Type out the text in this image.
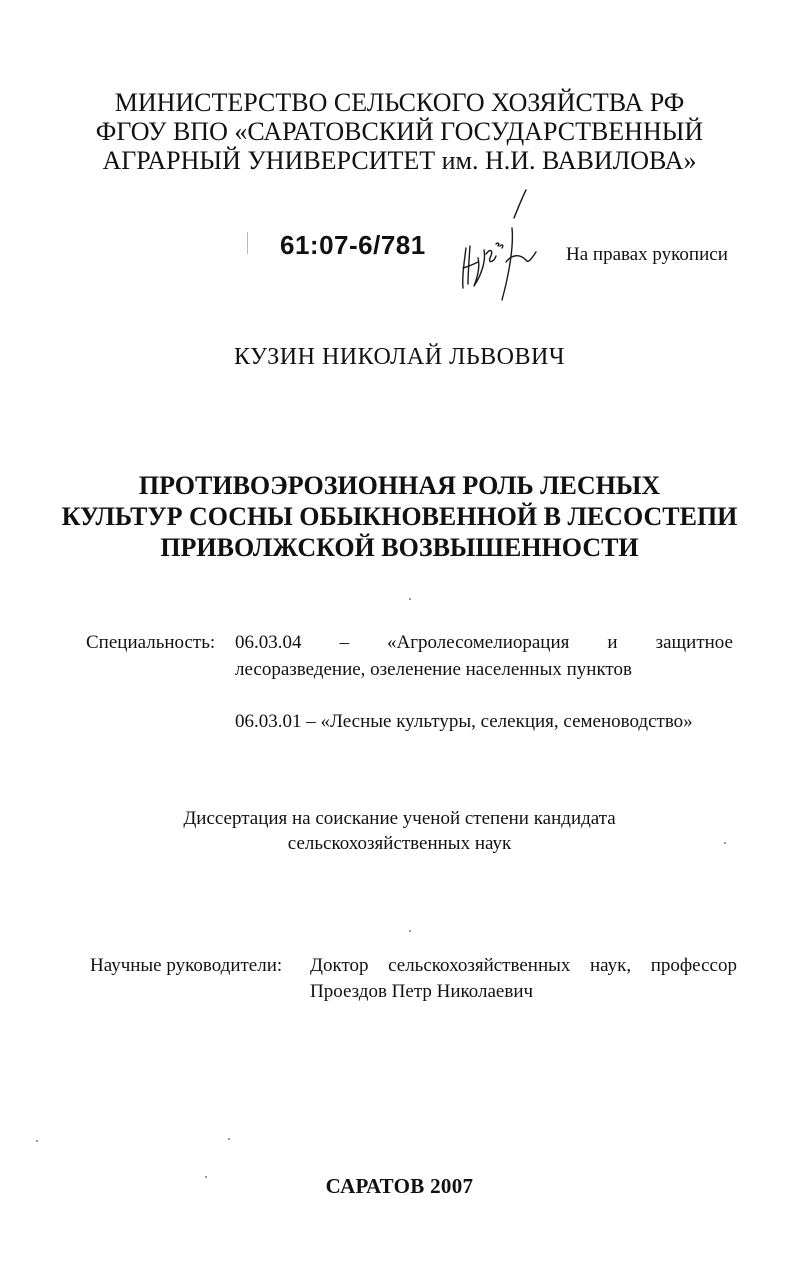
МИНИСТЕРСТВО СЕЛЬСКОГО ХОЗЯЙСТВА РФ
ФГОУ ВПО «САРАТОВСКИЙ ГОСУДАРСТВЕННЫЙ
АГРАРНЫЙ УНИВЕРСИТЕТ им. Н.И. ВАВИЛОВА»
61:07-6/781	На правах рукописи
КУЗИН НИКОЛАЙ ЛЬВОВИЧ
ПРОТИВОЭРОЗИОННАЯ РОЛЬ ЛЕСНЫХ
КУЛЬТУР СОСНЫ ОБЫКНОВЕННОЙ В ЛЕСОСТЕПИ
ПРИВОЛЖСКОЙ ВОЗВЫШЕННОСТИ
Специальность: 06.03.04 – «Агролесомелиорация и защитное
лесоразведение, озеленение населенных пунктов
06.03.01 – «Лесные культуры, селекция, семеноводство»
Диссертация на соискание ученой степени кандидата
сельскохозяйственных наук
Научные руководители: Доктор сельскохозяйственных наук, профессор
Проездов Петр Николаевич
САРАТОВ 2007
